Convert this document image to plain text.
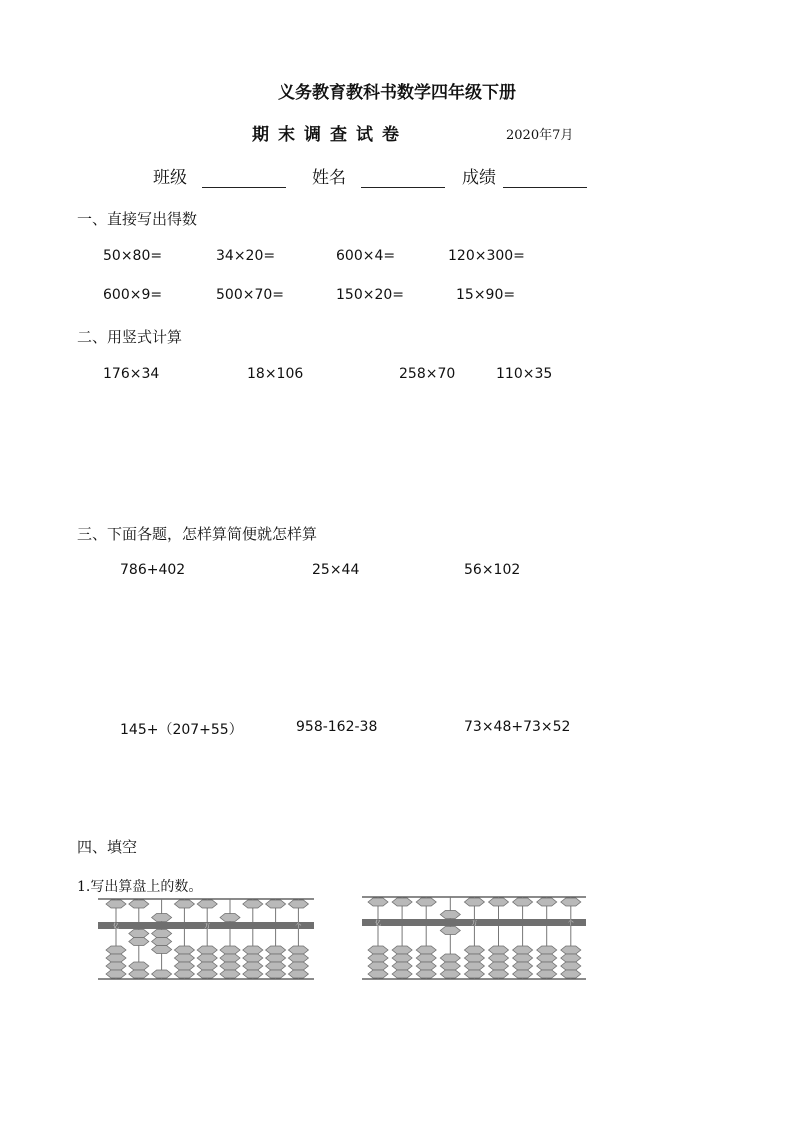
义务教育教科书数学四年级下册
期末调查试卷	2020年7月
班级	姓名	成绩
一、直接写出得数
50×80=	34×20=	600×4=	120×300=
600×9=	500×70=	150×20=	15×90=
二、用竖式计算
176×34	18×106	258×70	110×35
三、下面各题，怎样算简便就怎样算
786+402	25×44	56×102
145+（207+55）	958-162-38	73×48+73×52
四、填空
1.写出算盘上的数。
亿	万	个	亿	万	个
